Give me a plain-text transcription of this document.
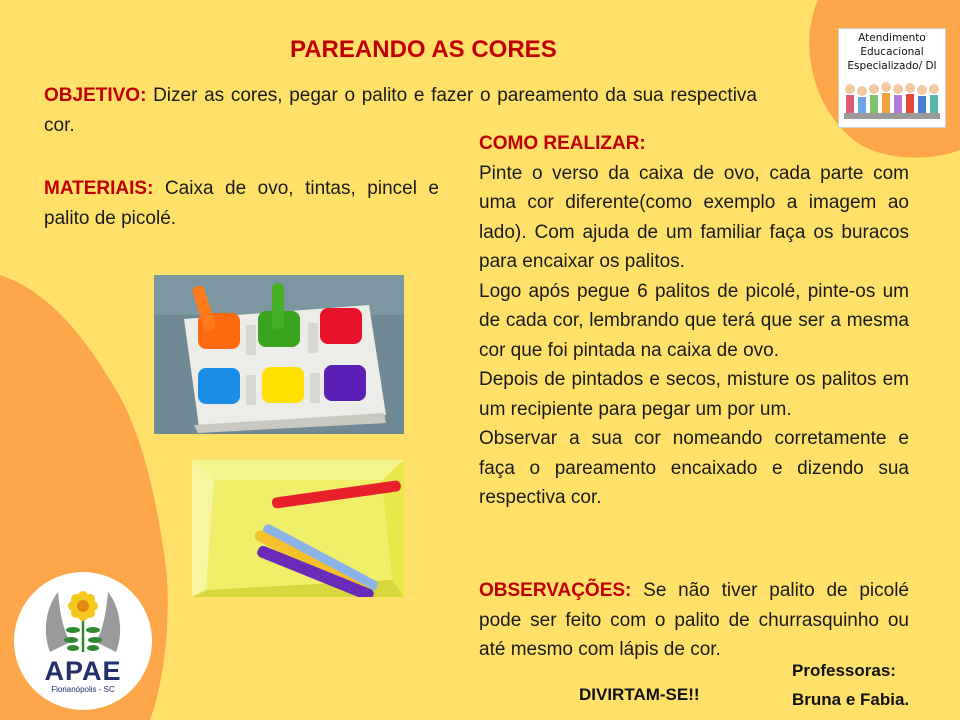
PAREANDO AS CORES
OBJETIVO: Dizer as cores, pegar o palito e fazer o pareamento da sua respectiva cor.
MATERIAIS: Caixa de ovo, tintas, pincel e palito de picolé.
COMO REALIZAR:
Pinte o verso da caixa de ovo, cada parte com uma cor diferente(como exemplo a imagem ao lado). Com ajuda de um familiar faça os buracos para encaixar os palitos.
Logo após pegue 6 palitos de picolé, pinte-os um de cada cor, lembrando que terá que ser a mesma cor que foi pintada na caixa de ovo.
Depois de pintados e secos, misture os palitos em um recipiente para pegar um por um.
Observar a sua cor nomeando corretamente e faça o pareamento encaixado e dizendo sua respectiva cor.
OBSERVAÇÕES: Se não tiver palito de picolé pode ser feito com o palito de churrasquinho ou até mesmo com lápis de cor.
Atendimento
Educacional
Especializado/ DI
APAE
Florianópolis - SC	DIVIRTAM-SE!!
Professoras:
Bruna e Fabia.
